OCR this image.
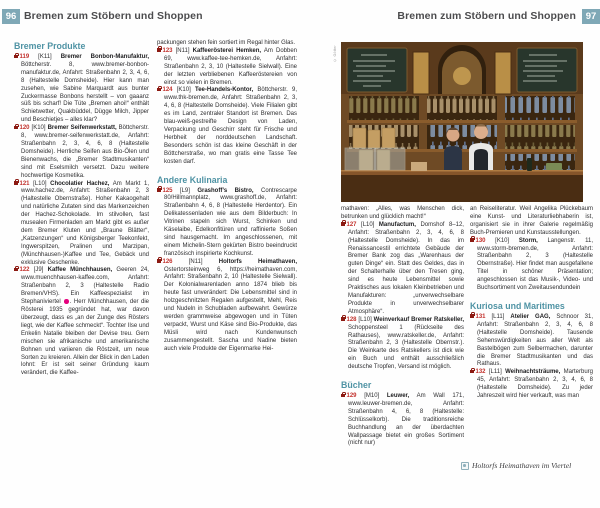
96 Bremen zum Stöbern und Shoppen	Bremen zum Stöbern und Shoppen	97
Bremer Produkte

119 [K11] Bremer Bonbon-Manufaktur, Böttcherstr. 8, www.bremer-bonbon-manufaktur.de, Anfahrt: Straßenbahn 2, 3, 4, 6, 8 (Haltestelle Domsheide). Hier kann man zusehen, wie Sabine Marquardt aus bunter Zuckermasse Bonbons herstellt – von gaaanz süß bis scharf! Die Tüte „Bremen ahoi!“ enthält Schietwetter, Quakbüddel, Dügge Milch, Jipper und Beschietjes – alles klar?

120 [K10] Bremer Seifenwerkstatt, Böttcherstr. 8, www.bremer-seifenwerkstatt.de, Anfahrt: Straßenbahn 2, 3, 4, 6, 8 (Haltestelle Domsheide). Herrliche Seifen aus Bio-Ölen und Bienenwachs, die „Bremer Stadtmusikanten“ sind mit Eselsmilch versetzt. Dazu weitere hochwertige Kosmetika.

121 [L10] Chocolatier Hachez, Am Markt 1, www.hachez.de, Anfahrt: Straßenbahn 2, 3 (Haltestelle Obernstraße). Hoher Kakaogehalt und natürliche Zutaten sind das Markenzeichen der Hachez-Schokolade. Im stilvollen, fast musealen Firmenladen am Markt gibt es außer dem Bremer Kluten und „Braune Blätter“, „Katzenzungen“ und Königsberger Teekonfekt, Ingwerspitzen, Pralinen und Marzipan, (Münchhausen-)Kaffee und Tee, Gebäck und exklusive Geschenke.

122 [J9] Kaffee Münchhausen, Geeren 24, www.muenchhausen-kaffee.com, Anfahrt: Straßenbahn 2, 3 (Haltestelle Radio Bremen/VHS). Ein Kaffeespezialist im Stephaniviertel . Herr Münchhausen, der die Rösterei 1935 gegründet hat, war davon überzeugt, dass es „an der Zunge des Rösters liegt, wie der Kaffee schmeckt“. Tochter Ilse und Enkelin Natalie bleiben der Devise treu. Gern mischen sie afrikanische und amerikanische Bohnen und variieren die Röstzeit, um neue Sorten zu kreieren. Allein der Blick in den Laden lohnt: Er ist seit seiner Gründung kaum verändert, die Kaffee-

packungen stehen fein sortiert im Regal hinter Glas.

123 [N11] Kaffeerösterei Hemken, Am Dobben 69, www.kaffee-tee-hemken.de, Anfahrt: Straßenbahn 2, 3, 10 (Haltestelle Sielwall). Eine der letzten verbliebenen Kaffeeröstereien von einst so vielen in Bremen.

124 [K10] Tee-Handels-Kontor, Böttcherstr. 9, www.thk-bremen.de, Anfahrt: Straßenbahn 2, 3, 4, 6, 8 (Haltestelle Domsheide). Viele Filialen gibt es im Land, zentraler Standort ist Bremen. Das blau-weiß-gestreifte Design von Laden, Verpackung und Geschirr steht für Frische und Herbheit der norddeutschen Landschaft. Besonders schön ist das kleine Geschäft in der Böttcherstraße, wo man gratis eine Tasse Tee kosten darf.

Andere Kulinaria

125 [L9] Grashoff’s Bistro, Contrescarpe 80/Hillmannplatz, www.grashoff.de, Anfahrt: Straßenbahn 4, 6, 8 (Haltestelle Herdentor). Ein Delikatessenladen wie aus dem Bilderbuch: In Vitrinen stapeln sich Wurst, Schinken und Käselaibe, Edelkonfitüren und raffinierte Soßen sind hausgemacht. Im angeschlossenen, mit einem Michelin-Stern gekürten Bistro beeindruckt französisch inspirierte Kochkunst.

126	[N11]	Holtorfs Heimathaven, Ostertorsteinweg 6, https://heimathaven.com, Anfahrt: Straßenbahn 2, 10 (Haltestelle Sielwall). Der Kolonialwarenladen anno 1874 blieb bis heute fast unverändert: Die Lebensmittel sind in holzgeschnitzten Regalen aufgestellt, Mehl, Reis und Nudeln in Schubladen aufbewahrt. Gewürze werden grammweise abgewogen und in Tüten verpackt, Wurst und Käse sind Bio-Produkte, das Müsli wird nach Kundenwunsch zusammengestellt. Sascha und Nadine bieten auch viele Produkte der Eigenmarke Hei-

mathaven: „Alles, was Menschen dick, betrunken und glücklich macht!“

127 [L10] Manufactum, Domshof 8–12, Anfahrt: Straßenbahn 2, 3, 4, 6, 8 (Haltestelle Domsheide). In das im Renaissancestil errichtete Gebäude der Bremer Bank zog das „Warenhaus der guten Dinge“ ein. Statt des Geldes, das in der Schalterhalle über den Tresen ging, sind es heute Lebensmittel sowie Praktisches aus lokalen Kleinbetrieben und Manufakturen: „unverwechselbare Produkte in unverwechselbarer Atmosphäre“.

128 [L10] Weinverkauf Bremer Ratskeller, Schoppensteel 1 (Rückseite des Rathauses), www.ratskeller.de, Anfahrt: Straßenbahn 2, 3 (Haltestelle Obernstr.). Die Weinkarte des Ratskellers ist dick wie ein Buch und enthält ausschließlich deutsche Tropfen, Versand ist möglich.

Bücher

129 [M10] Leuwer, Am Wall 171, www.leuwer-bremen.de, Anfahrt: Straßenbahn 4, 6, 8 (Haltestelle: Schlüsselkorb). Die traditionsreiche Buchhandlung an der überdachten Wallpassage bietet ein großes Sortiment (nicht nur)

an Reiseliteratur. Weil Angelika Plückebaum eine Kunst- und Literaturliebhaberin ist, organisiert sie in ihrer Galerie regelmäßig Buch-Premieren und Kunstausstellungen.

130 [K10] Storm, Langenstr. 11, www.storm-bremen.de, Anfahrt: Straßenbahn 2, 3 (Haltestelle Obernstraße). Hier findet man ausgefallene Titel in schöner Präsentation; angeschlossen ist das Musik-, Video- und Buchsortiment von Zweitausendundein

Kuriosa und Maritimes

131 [L11] Atelier GAG, Schnoor 31, Anfahrt: Straßenbahn 2, 3, 4, 6, 8 (Haltestelle Domsheide). Tausende Sehenswürdigkeiten aus aller Welt als Bastelbögen zum Selbermachen, darunter die Bremer Stadtmusikanten und das Rathaus.

132 [L11] Weihnachtsträume, Marterburg 45, Anfahrt: Straßenbahn 2, 3, 4, 6, 8 (Haltestelle Domsheide). Zu jeder Jahreszeit wird hier verkauft, was man

© Götter
Holtorfs Heimathaven im Viertel
